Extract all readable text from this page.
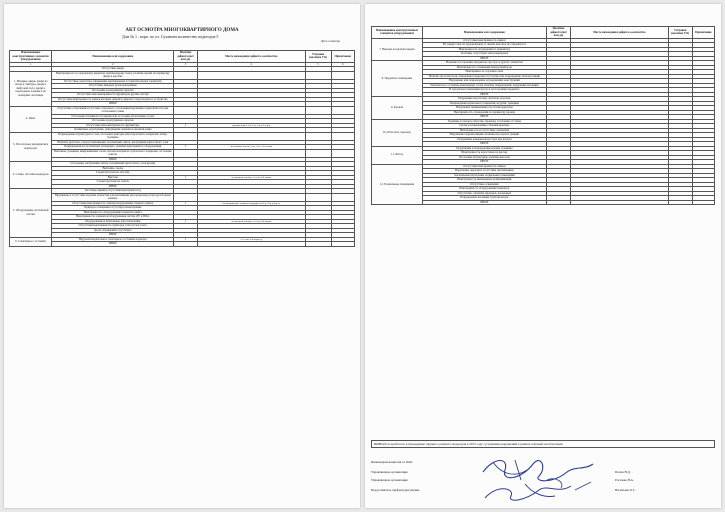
АКТ ОСМОТРА МНОГОКВАРТИРНОГО ДОМА
Дом № 1 , корп. по ул. Суханова количество подъездов 5
Дата осмотра
Наименование конструктивных элементов (оборудования)	Наименование или содержание	Наличие дефекта (нет или да)	Место нахождения дефекта, количество	Устранен (наличие УО)	Примечание
1	2	3	4	5	6
	Отсутствие двери				
1. Входные двери, двери на входе в тамбуры, двери в лифтовой холл, двери в переходные лоджии и на пожарные лестницы	Неисправность по наружному дверному вертикальному поясу, наличие шелей по периметру двери в коробке				
	Отсутствие, неплотное закрывание вертикальных и горизонтальных элементов				
	Отсутствие дверных ручек/доводчиков				
	Отслоение и разрушение окраски				
	Отсутствие или неисправность фурнитуры (ручки, петли)				
	Отсутствие/неисправность замков входных дверей и дверного переговорного устройства				
	ИНОЕ				
2. Окна	Отсутствие остекления/отсутствие отдельного остекления/нарушение герметичности при остеклении ставен				
	Отслоение штапиков/отставание или отслоение уплотнения от рам				
	Отслоение и разрушение окраски				
	Отсутствие или неисправность фурнитуры	1	первый этаж в 1-м, 2-м, 3-м и 5-м п/п		
	Загнивание, коробление, деформация элементов оконной рамы				
3. Потолочные перекрытия в коридорах	Повреждение штукатурного слоя, отслоение фактуры или отделочного покрытия, пятна, трещины				
	Наличие протечек, следов замачивания, потемнений, пятен, шелушения окрасочного слоя				
	Повреждения на лестничных площадках, наличие неисправного оборудования	1	лестничные клетки, 1-го, 2-го, 3-го этажа		
	Выбоины, трещины, выкрашивание слоев, потеки материала отделочного покрытия, отслоение плиток				
	ИНОЕ				
4. Стены, потолки коридоров	Отслоения, шелушения, пятна, потемнения окрасочного слоя краски				
	Выбоины, сколы				
	Следы протечек на потолке				
	Высолы	1	лестничные клетки с 1-го по 5-й этажи		
	Следы протечек на стенах				
	ИНОЕ				
5. Оборудование лестничной клетки	Почтовые ящики (отсутствие/неисправность)				
	Нарушение и отсутствие коробки отверстия для вентиляции мусоропровода и мусоросборной камеры				
	Отсутствие/неисправность электрооборудования этажного щитка	1	электрощитовые этажных площадок на 2-м, 3-м и 4-м эт.		
	Приборы освещения отсутствуют/неисправны				
	Неисправность оборудования/элементов лифта				
	Неисправность элементов/оборудования систем ДУ и ППА				
	Оборудование и шаблонные для отключения	1	лестничные клетки с 1-го по 5-й этажи		
	Отсутствие/неисправность приборов учета/узлов учета				
	Доска объявлений отсутствует				
	ИНОЕ				
6. Санитарное состояние	Неудовлетворительное санитарное состояние подъезда	1	с 1-го по 5-й подъезд		
	ИНОЕ				
Наименование конструктивных элементов (оборудования)	Наименование или содержание	Наличие дефекта (нет или да)	Место нахождения дефекта, количество	Устранен (наличие УО)	Примечание
7. Выходы на кровлю/чердак	Отсутствие/неисправность замков				
	Не закрыт люк на чердак/крышу за люком или люк не открывается				
	Неисправность ограждения по периметру				
	Лестница отсутствует или повреждена				
	ИНОЕ				
8. Чердачное помещение	Наличие посторонних предметов, мусора, и других элементов				
	Неисправность освещения/электроприборов				
	Неисправность слуховых окон				
	Наличие протечек/течи, намокание покрытия/отсутствие или повреждение теплоизоляции				
	Нарушение или повреждение ограждающих конструкций				
	Техническое состояние инженерных сетей, наличие повреждений, нарушение изоляции				
	В чердачном помещении мусор и посторонние предметы				
	ИНОЕ				
9. Кровля	Нарушение водостоков, желобов, воронок				
	Повреждения кровельного покрытия, вздутия, трещины				
	Нарушение примыканий/отсутствие фартуков				
	Неисправность ограждений по периметру кровли				
	ИНОЕ				
10. Отмостка, крыльцо	Трещины и сколы в отмостке, провалы, отслоение от стены				
	Сколы и повреждения ступеней крыльца				
	Неисправность и отсутствие освещения				
	Нарушение гидроизоляции, наличие просадок и трещин				
	Разрушение козырька/водостока над входом				
	ИНОЕ				
11. Фасад	Разрушения и повреждения кладки, трещины				
	Неисправность водостоков на фасаде				
	Отслоение штукатурки, наличие высолов				
	ИНОЕ				
12. Подвальные помещения	Отсутствие/неисправность замков				
	Нарушение окраски и отсутствие светильников				
	Захламление/затопление подвальных помещений				
	Неисправность инженерных коммуникаций				
	Отсутствие освещения				
	Неисправность оборудования/элементов				
	Отсутствие / наличие грызунов, насекомых				
	Повреждение изоляции трубопроводов				
	ИНОЕ				
ВЫВОД: потребность в проведении текущего ремонта подъездов в 2015 году: устранение нарушений в рамках текущей эксплуатации
Инженерная комиссия от ОАО
Управляющая организация	Попов Н.Д.
Управляющая организация	Рогачева Н.А.
Представитель префектуры/управы	Васильева О.С.
